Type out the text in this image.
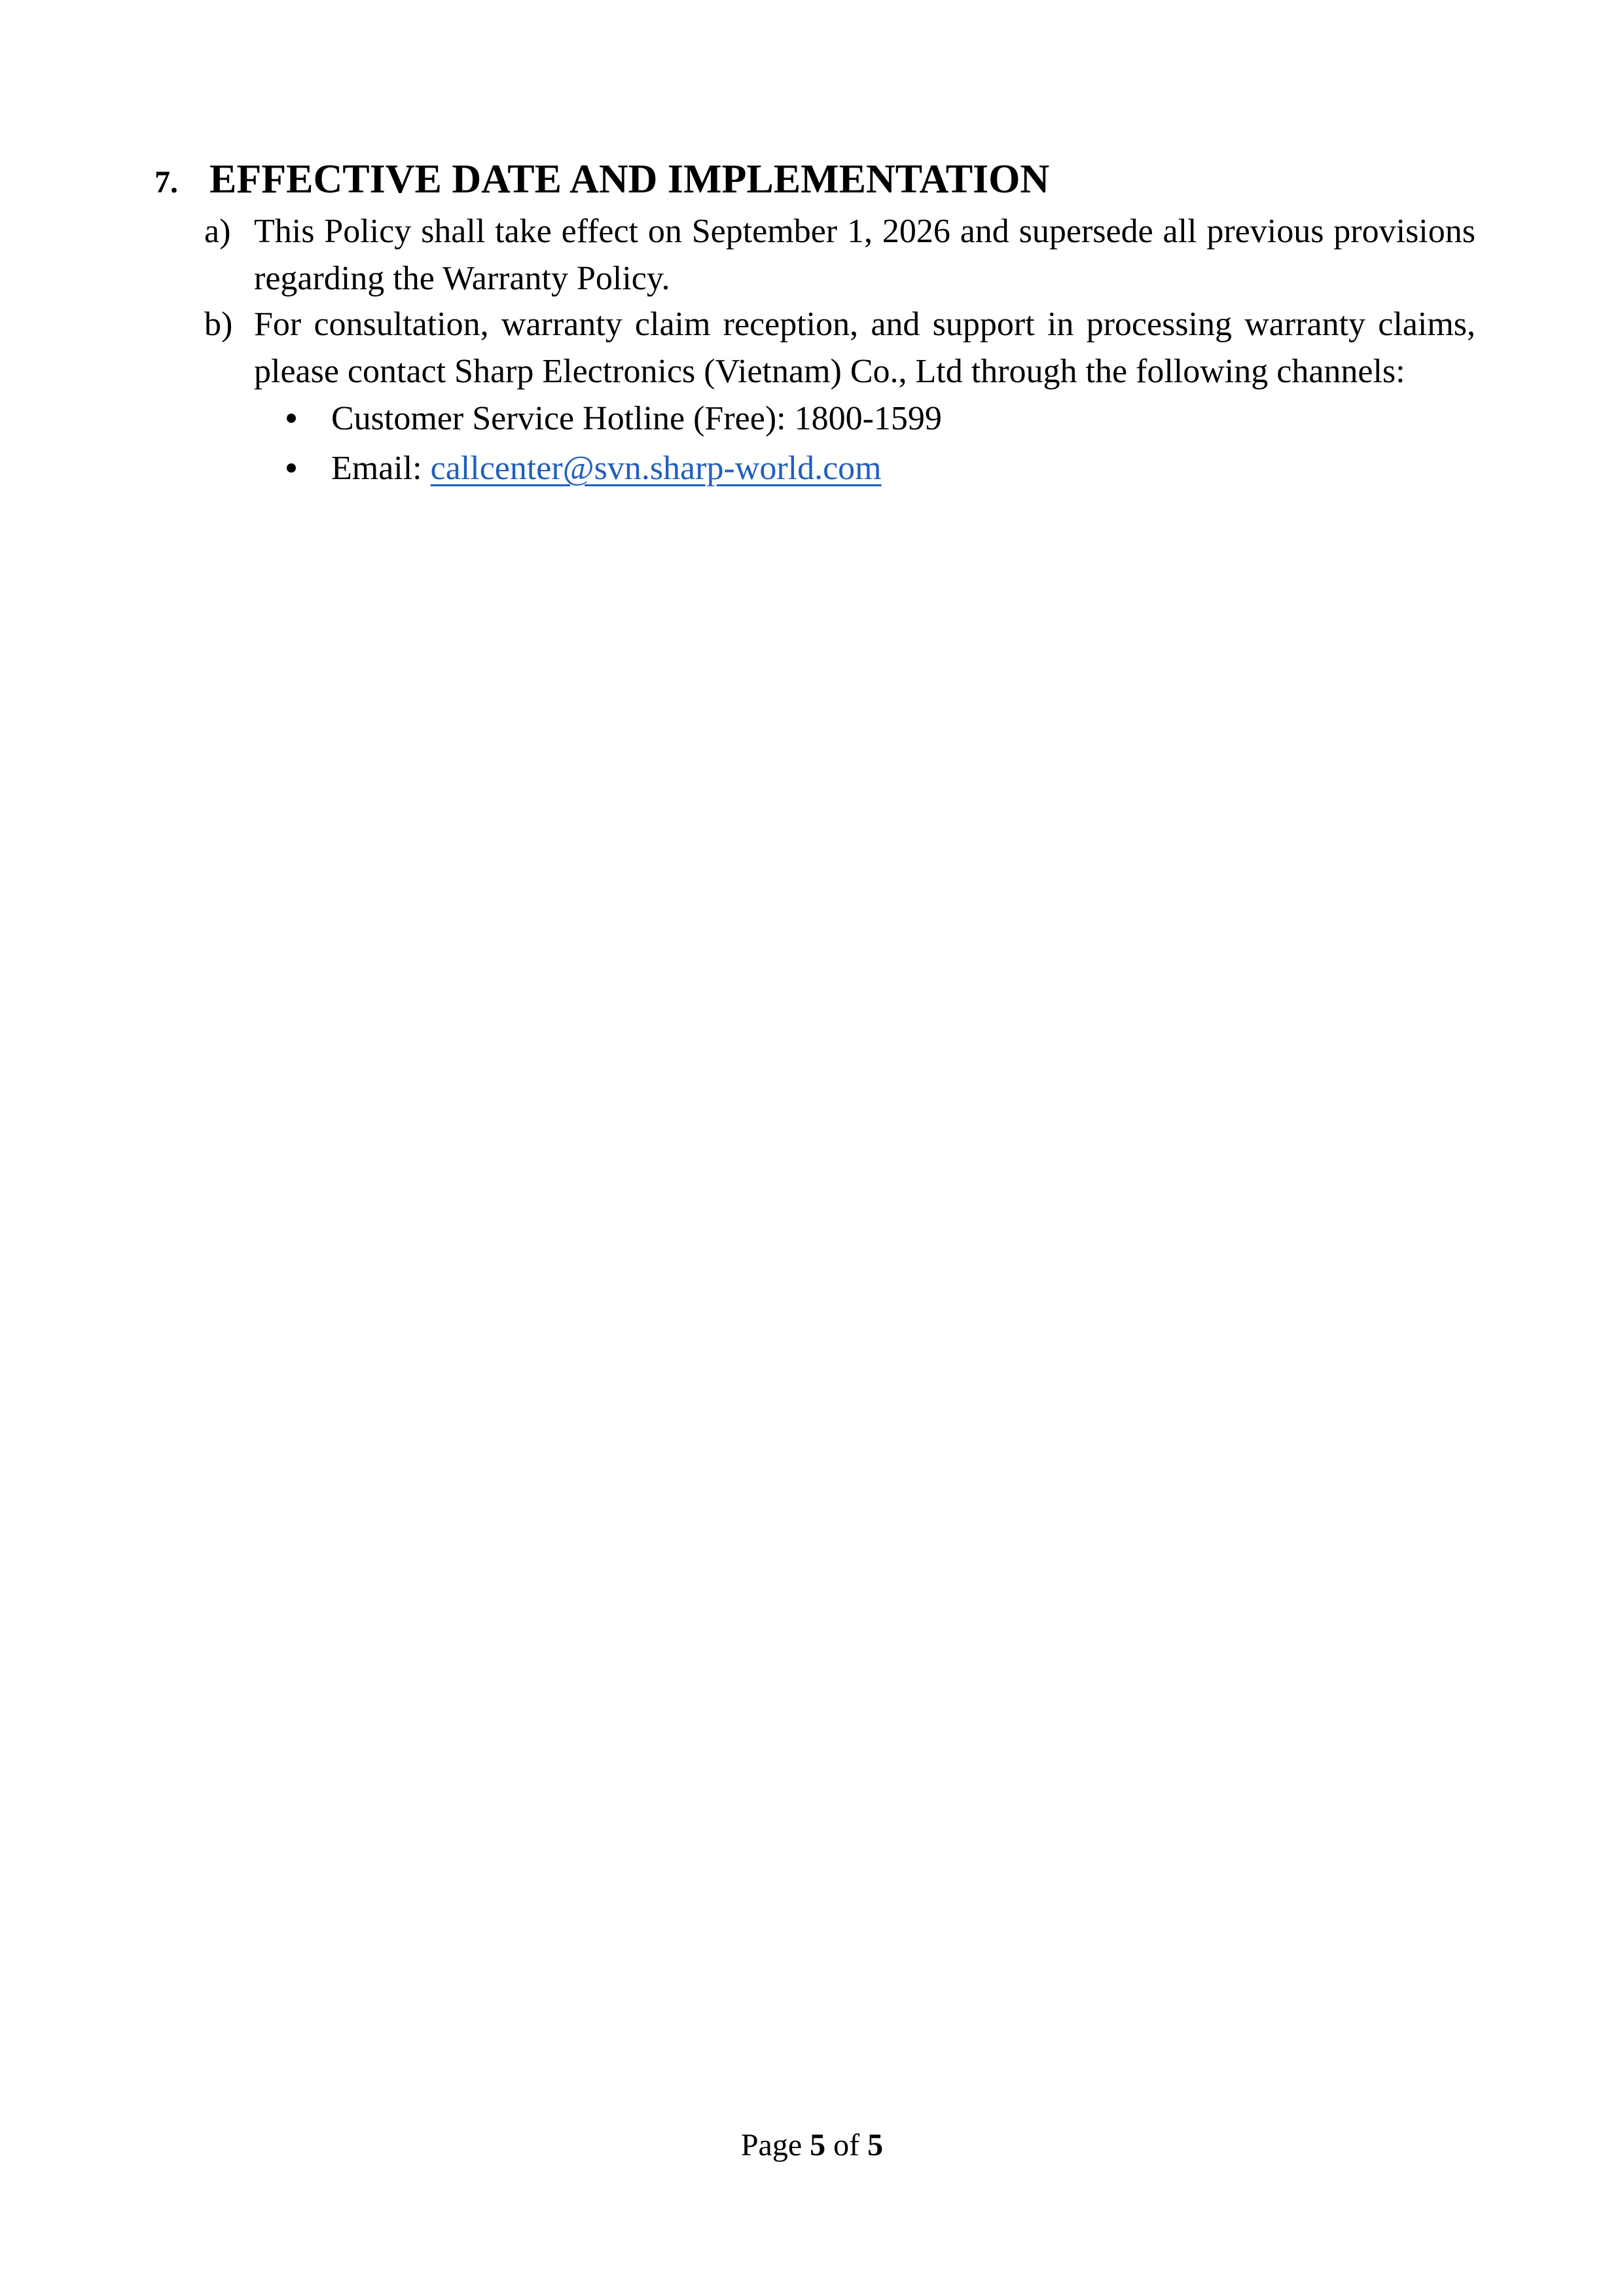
7. EFFECTIVE DATE AND IMPLEMENTATION
a) This Policy shall take effect on September 1, 2026 and supersede all previous provisions regarding the Warranty Policy.
b) For consultation, warranty claim reception, and support in processing warranty claims, please contact Sharp Electronics (Vietnam) Co., Ltd through the following channels:
Customer Service Hotline (Free): 1800-1599
Email: callcenter@svn.sharp-world.com
Page 5 of 5
